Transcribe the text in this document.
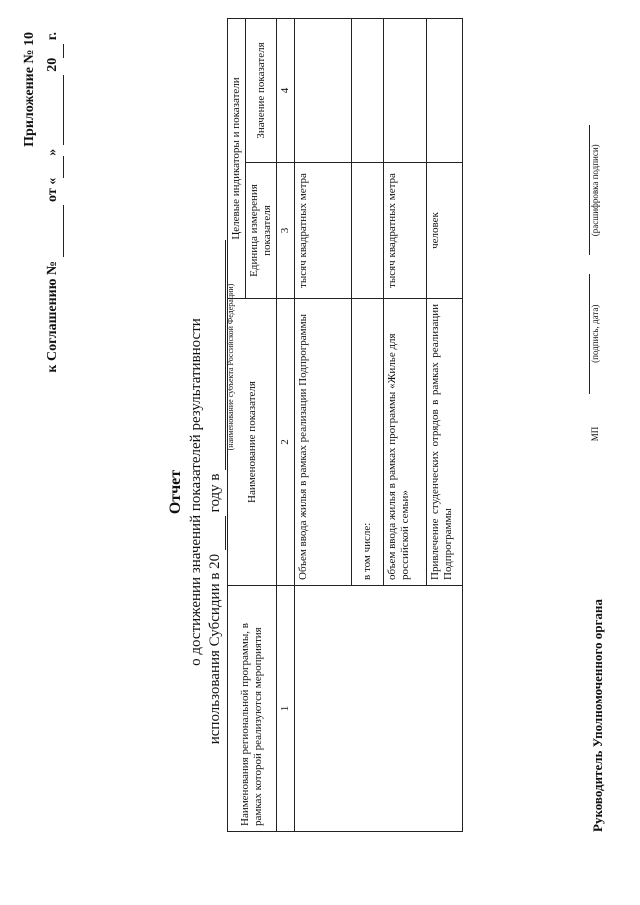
Приложение № 10
к Соглашению №   от « »   20  г.
Отчет о достижении значений показателей результативности использования Субсидии в 20   году в
(наименование субъекта Российской Федерации)
Наименования региональной программы, в рамках которой реализуются мероприятия	Наименование показателя	Целевые индикаторы и показатели	
		Единица измерения показателя	Значение показателя
1	2	3	4
	Объем ввода жилья в рамках реализации Подпрограммы	тысяч квадратных метра	
	в том числе:		
	объем ввода жилья в рамках программы «Жилье для российской семьи»	тысяч квадратных метра	

	Привлечение студенческих отрядов в рамках реализации Подпрограммы	человек	
Руководитель Уполномоченного органа
МП
(подпись, дата)

(расшифровка подписи)
